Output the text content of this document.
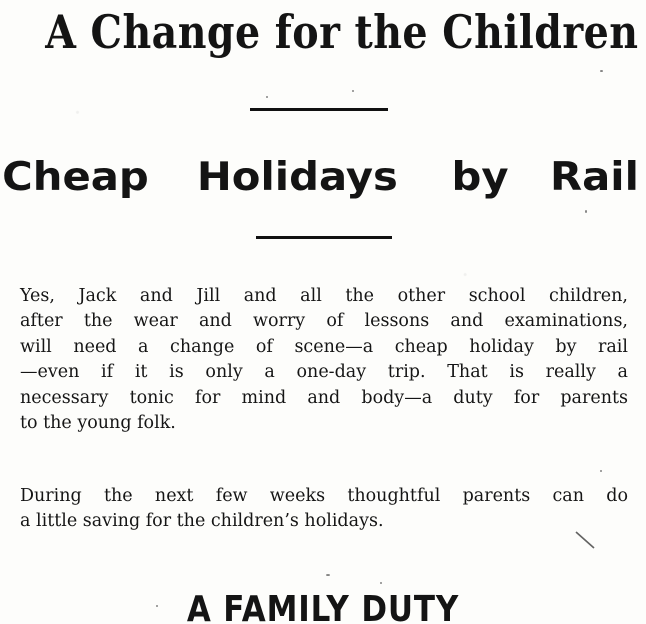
A Change for the Children
Cheap Holidays by Rail
Yes, Jack and Jill and all the other school children,
after the wear and worry of lessons and examinations,
will need a change of scene—a cheap holiday by rail
—even if it is only a one-day trip. That is really a
necessary tonic for mind and body—a duty for parents
to the young folk.
During the next few weeks thoughtful parents can do
a little saving for the children’s holidays.
A FAMILY DUTY
